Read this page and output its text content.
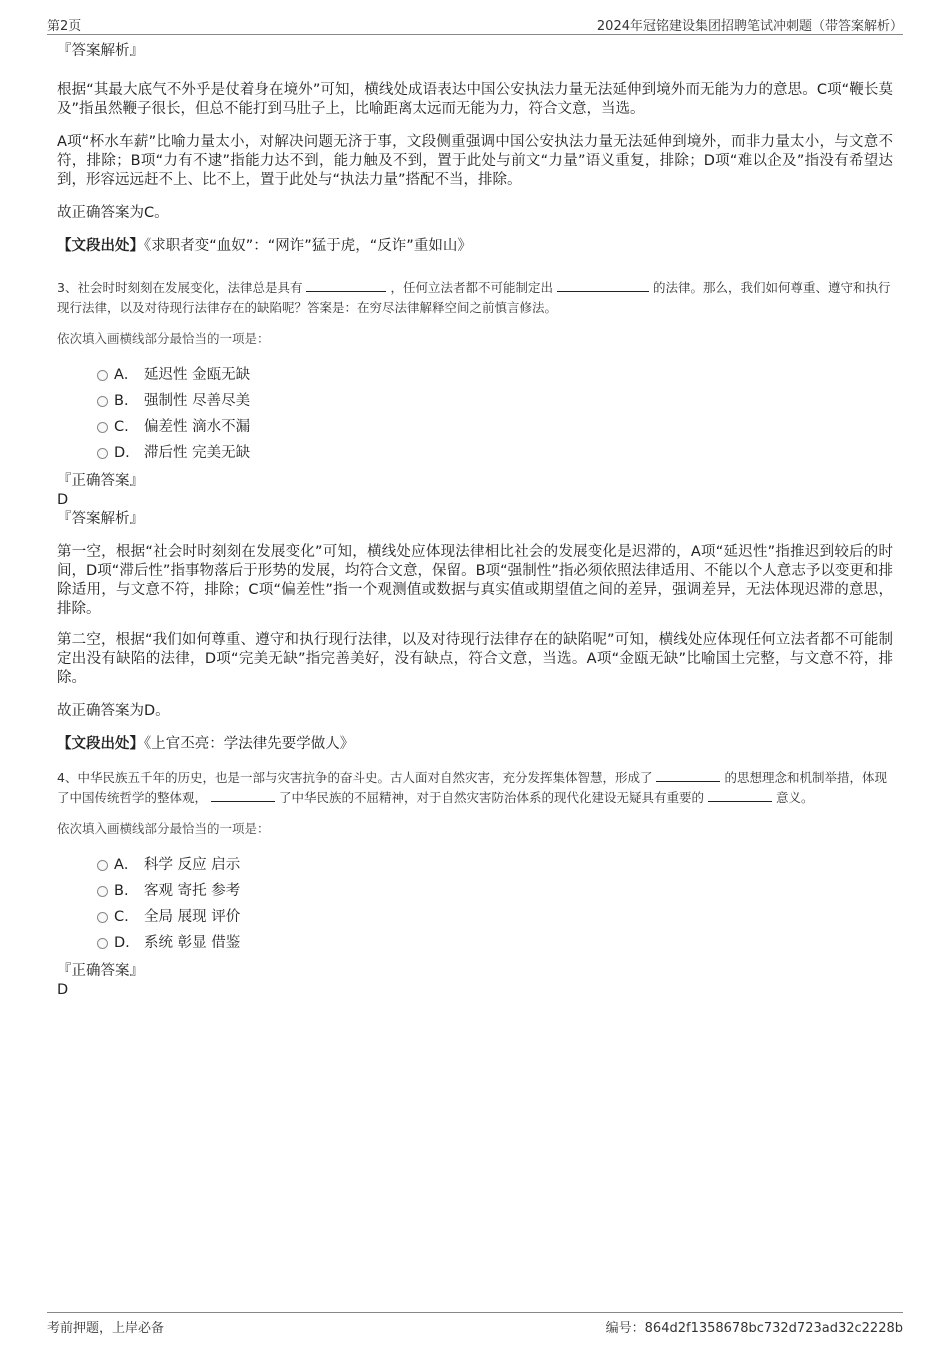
第2页	2024年冠铭建设集团招聘笔试冲刺题（带答案解析）

『答案解析』

根据“其最大底气不外乎是仗着身在境外”可知，横线处成语表达中国公安执法力量无法延伸到境外而无能为力的意思。C项“鞭长莫及”指虽然鞭子很长，但总不能打到马肚子上，比喻距离太远而无能为力，符合文意，当选。

A项“杯水车薪”比喻力量太小，对解决问题无济于事，文段侧重强调中国公安执法力量无法延伸到境外，而非力量太小，与文意不符，排除；B项“力有不逮”指能力达不到，能力触及不到，置于此处与前文“力量”语义重复，排除；D项“难以企及”指没有希望达到，形容远远赶不上、比不上，置于此处与“执法力量”搭配不当，排除。

故正确答案为C。

【文段出处】《求职者变“血奴”：“网诈”猛于虎，“反诈”重如山》

3、社会时时刻刻在发展变化，法律总是具有	，任何立法者都不可能制定出	的法律。那么，我们如何尊重、遵守和执行现行法律，以及对待现行法律存在的缺陷呢？答案是：在穷尽法律解释空间之前慎言修法。

依次填入画横线部分最恰当的一项是：

A． 延迟性 金瓯无缺
B. 强制性 尽善尽美
C. 偏差性 滴水不漏
D. 滞后性 完美无缺

『正确答案』

D

『答案解析』

第一空，根据“社会时时刻刻在发展变化”可知，横线处应体现法律相比社会的发展变化是迟滞的，A项“延迟性”指推迟到较后的时间，D项“滞后性”指事物落后于形势的发展，均符合文意，保留。B项“强制性”指必须依照法律适用、不能以个人意志予以变更和排除适用，与文意不符，排除；C项“偏差性”指一个观测值或数据与真实值或期望值之间的差异，强调差异，无法体现迟滞的意思，排除。

第二空，根据“我们如何尊重、遵守和执行现行法律，以及对待现行法律存在的缺陷呢”可知，横线处应体现任何立法者都不可能制定出没有缺陷的法律，D项“完美无缺”指完善美好，没有缺点，符合文意，当选。A项“金瓯无缺”比喻国土完整，与文意不符，排除。

故正确答案为D。

【文段出处】《上官丕亮：学法律先要学做人》

4、中华民族五千年的历史，也是一部与灾害抗争的奋斗史。古人面对自然灾害，充分发挥集体智慧，形成了	的思想理念和机制举措，体现了中国传统哲学的整体观，	了中华民族的不屈精神，对于自然灾害防治体系的现代化建设无疑具有重要的	意义。

依次填入画横线部分最恰当的一项是：

A． 科学 反应 启示
B. 客观 寄托 参考
C. 全局 展现 评价
D. 系统 彰显 借鉴

『正确答案』

D

考前押题，上岸必备	编号：864d2f1358678bc732d723ad32c2228b
